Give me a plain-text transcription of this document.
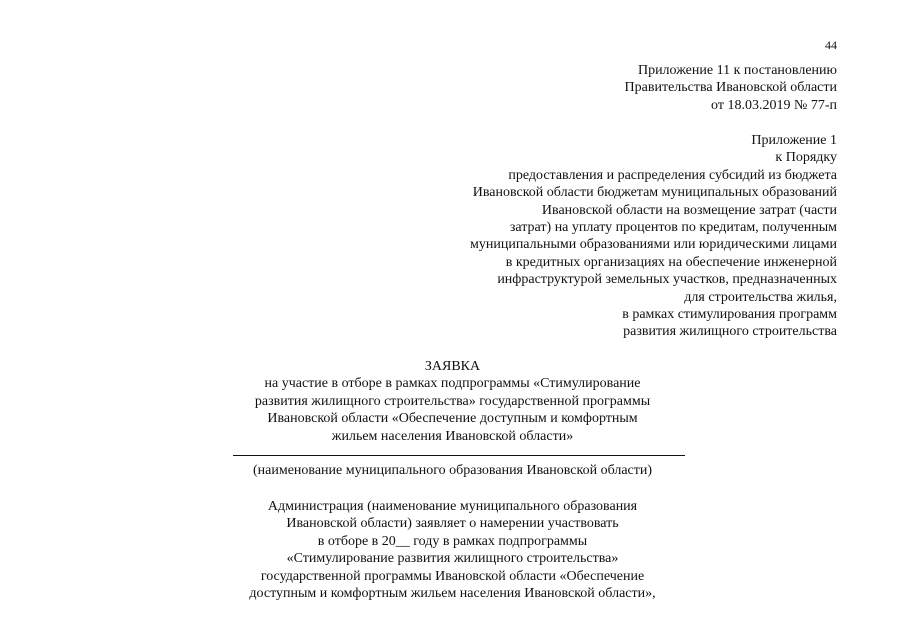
44
Приложение 11 к постановлению
Правительства Ивановской области
от 18.03.2019 № 77-п
Приложение 1
к Порядку
предоставления и распределения субсидий из бюджета
Ивановской области бюджетам муниципальных образований
Ивановской области на возмещение затрат (части
затрат) на уплату процентов по кредитам, полученным
муниципальными образованиями или юридическими лицами
в кредитных организациях на обеспечение инженерной
инфраструктурой земельных участков, предназначенных
для строительства жилья,
в рамках стимулирования программ
развития жилищного строительства
ЗАЯВКА
на участие в отборе в рамках подпрограммы «Стимулирование
развития жилищного строительства» государственной программы
Ивановской области «Обеспечение доступным и комфортным
жильем населения Ивановской области»
(наименование муниципального образования Ивановской области)
Администрация (наименование муниципального образования
Ивановской области) заявляет о намерении участвовать
в отборе в 20__ году в рамках подпрограммы
«Стимулирование развития жилищного строительства»
государственной программы Ивановской области «Обеспечение
доступным и комфортным жильем населения Ивановской области»,
